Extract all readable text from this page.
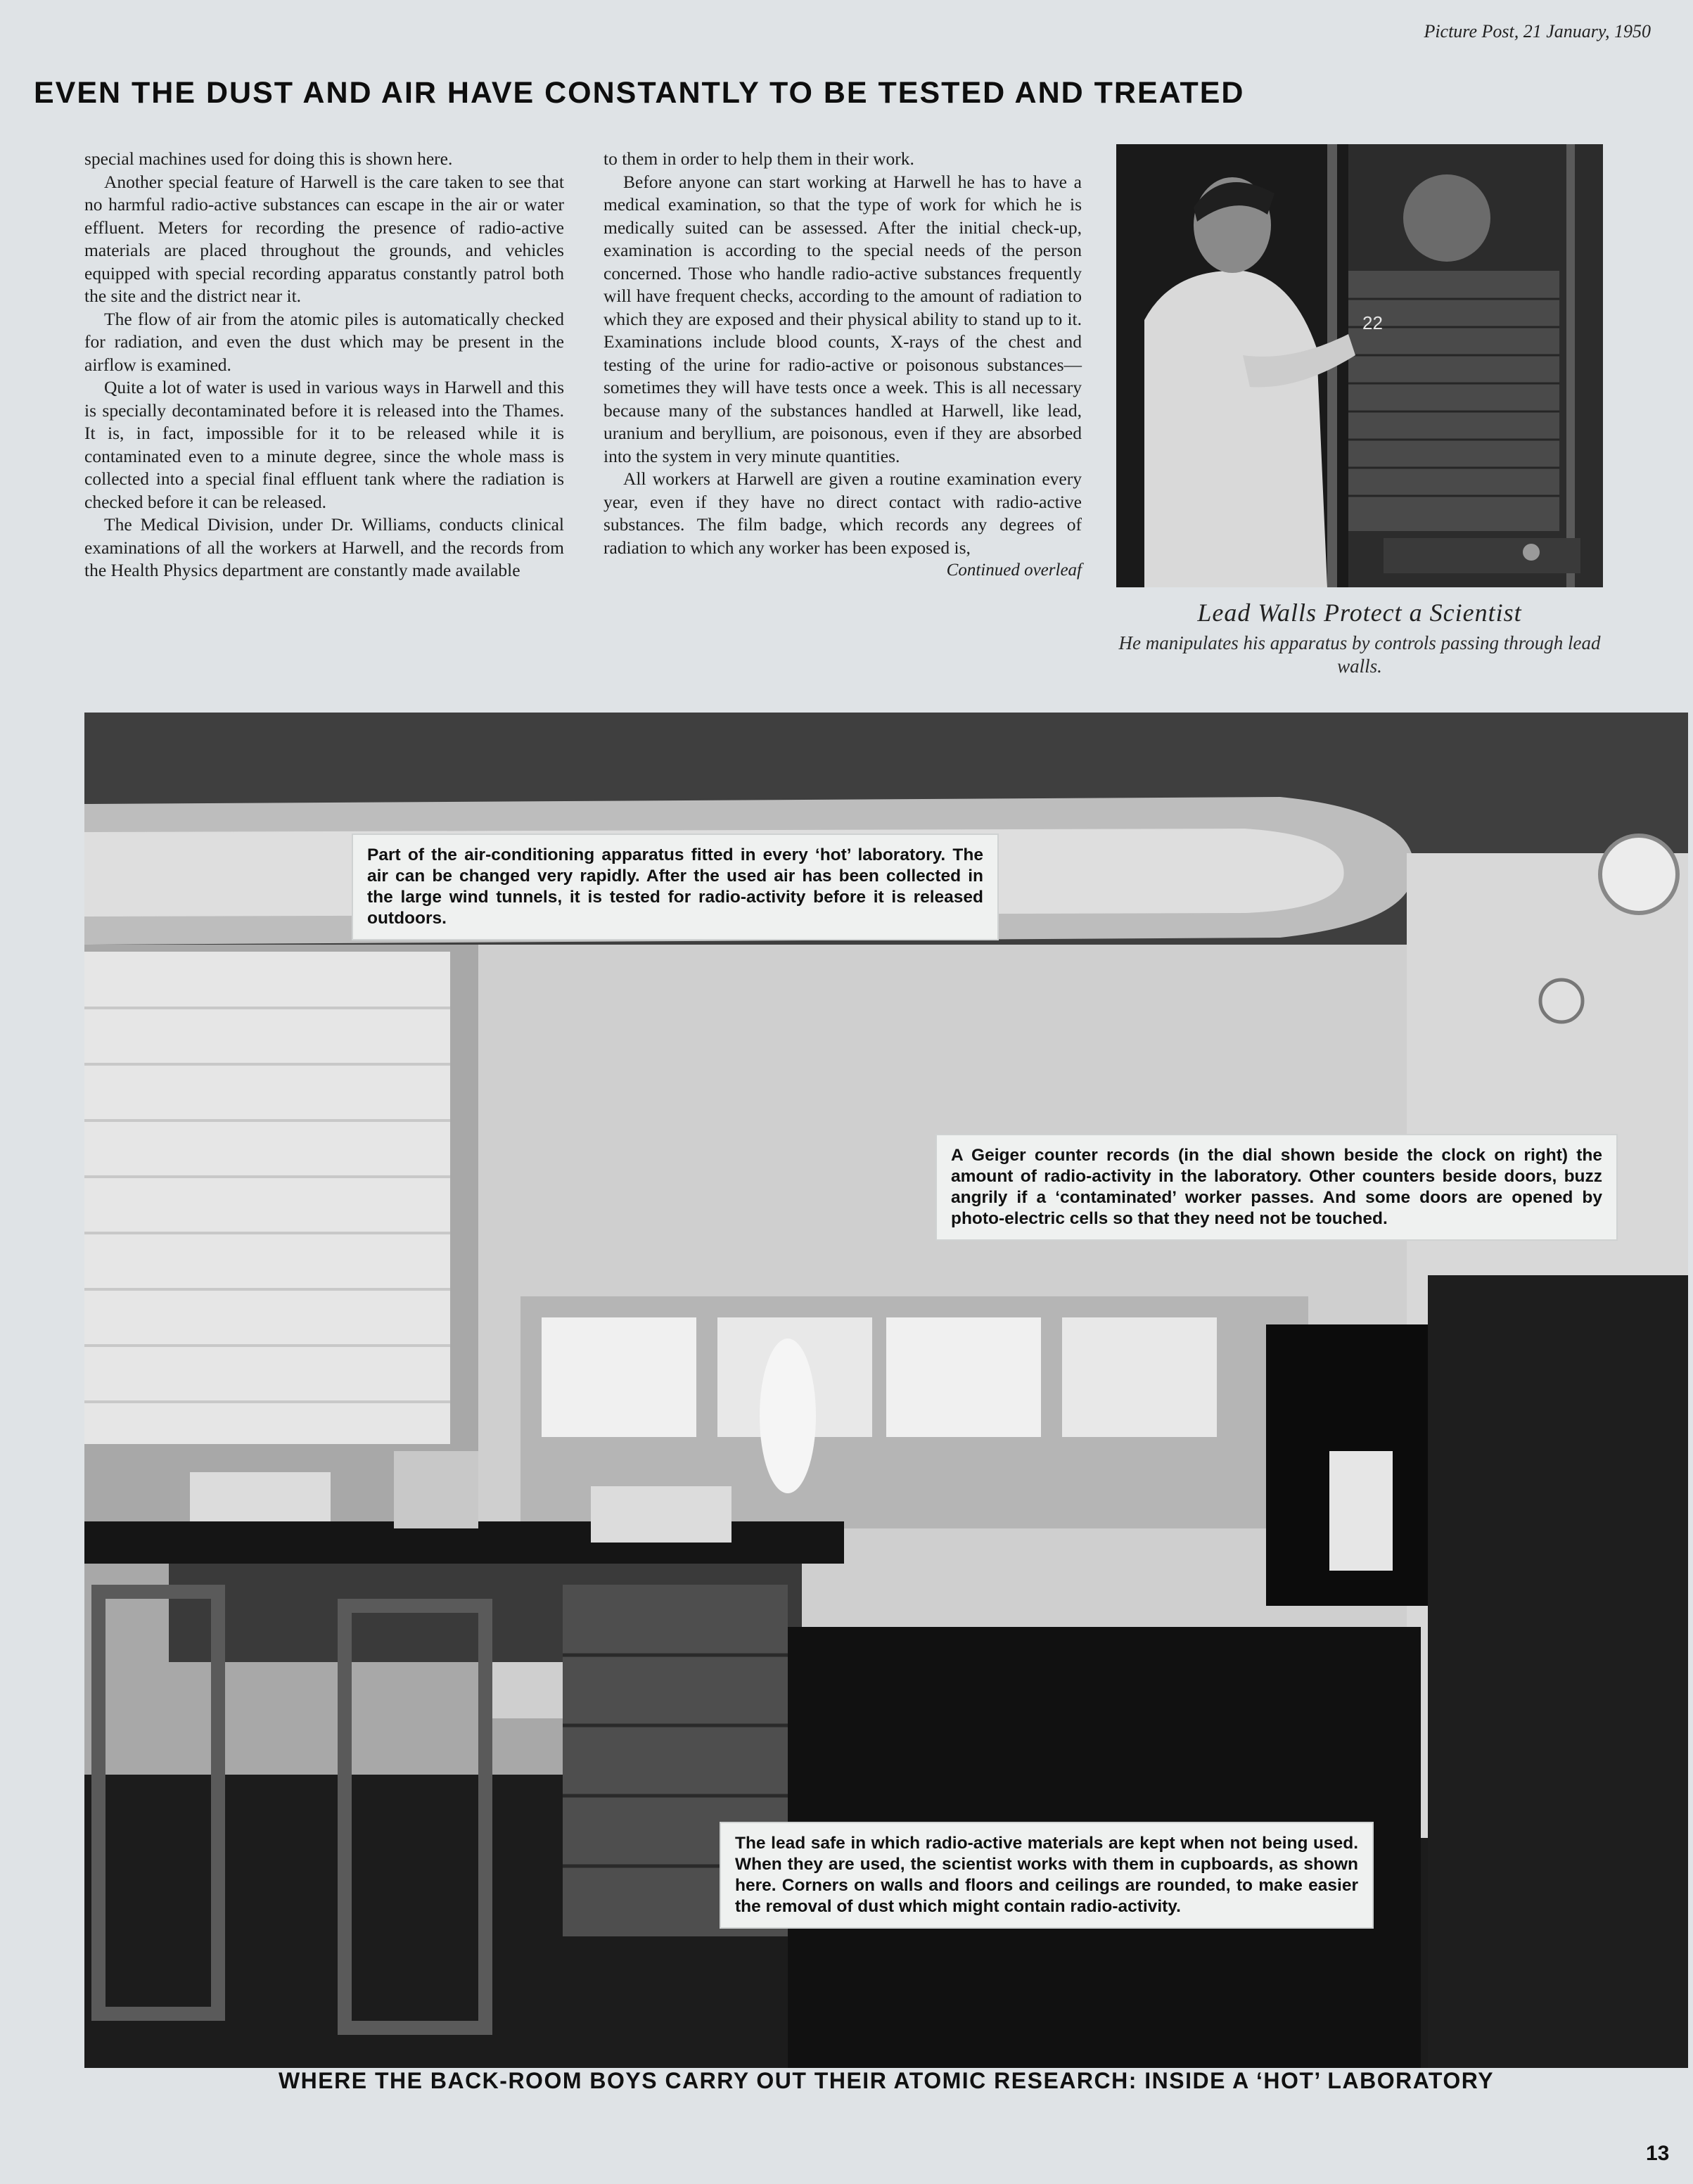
Picture Post, 21 January, 1950
EVEN THE DUST AND AIR HAVE CONSTANTLY TO BE TESTED AND TREATED

special machines used for doing this is shown here.

Another special feature of Harwell is the care taken to see that no harmful radio-active substances can escape in the air or water effluent. Meters for recording the presence of radio-active materials are placed throughout the grounds, and vehicles equipped with special recording apparatus constantly patrol both the site and the district near it.

The flow of air from the atomic piles is automatically checked for radiation, and even the dust which may be present in the airflow is examined.

Quite a lot of water is used in various ways in Harwell and this is specially decontaminated before it is released into the Thames. It is, in fact, impossible for it to be released while it is contaminated even to a minute degree, since the whole mass is collected into a special final effluent tank where the radiation is checked before it can be released.

The Medical Division, under Dr. Williams, conducts clinical examinations of all the workers at Harwell, and the records from the Health Physics department are constantly made available

to them in order to help them in their work.

Before anyone can start working at Harwell he has to have a medical examination, so that the type of work for which he is medically suited can be assessed. After the initial check-up, examination is according to the special needs of the person concerned. Those who handle radio-active substances frequently will have frequent checks, according to the amount of radiation to which they are exposed and their physical ability to stand up to it. Examinations include blood counts, X-rays of the chest and testing of the urine for radio-active or poisonous substances—sometimes they will have tests once a week. This is all necessary because many of the substances handled at Harwell, like lead, uranium and beryllium, are poisonous, even if they are absorbed into the system in very minute quantities.

All workers at Harwell are given a routine examination every year, even if they have no direct contact with radio-active substances. The film badge, which records any degrees of radiation to which any worker has been exposed is,

Continued overleaf
22
Lead Walls Protect a Scientist
He manipulates his apparatus by controls passing through lead walls.
Part of the air-conditioning apparatus fitted in every ‘hot’ laboratory. The air can be changed very rapidly. After the used air has been collected in the large wind tunnels, it is tested for radio-activity before it is released outdoors.
A Geiger counter records (in the dial shown beside the clock on right) the amount of radio-activity in the laboratory. Other counters beside doors, buzz angrily if a ‘contaminated’ worker passes. And some doors are opened by photo-electric cells so that they need not be touched.
The lead safe in which radio-active materials are kept when not being used. When they are used, the scientist works with them in cupboards, as shown here. Corners on walls and floors and ceilings are rounded, to make easier the removal of dust which might contain radio-activity.
WHERE THE BACK-ROOM BOYS CARRY OUT THEIR ATOMIC RESEARCH: INSIDE A ‘HOT’ LABORATORY
13
